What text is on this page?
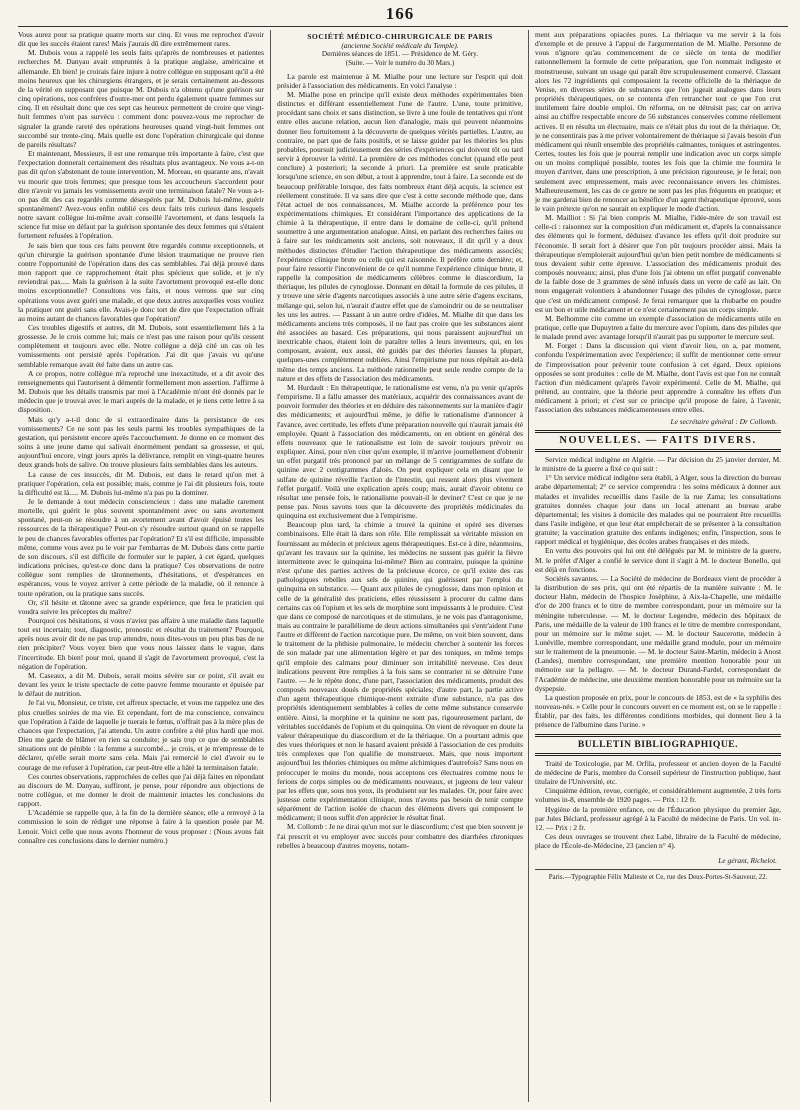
166

Vous aurez pour sa pratique quatre morts sur cinq. Et vous me reprochez d'avoir dit que les succès étaient rares! Mais j'aurais dû dire extrêmement rares.

M. Dubois vous a rappelé les seuls faits qu'après de nombreuses et patientes recherches M. Danyau avait empruntés à la pratique anglaise, américaine et allemande. Eh bien! je croirais faire injure à notre collègue en supposant qu'il a été moins heureux que les chirurgiens étrangers, et je serais certainement au-dessous de la vérité en supposant que puisque M. Dubois n'a obtenu qu'une guérison sur cinq opérations, nos confrères d'outre-mer ont perdu également quatre femmes sur cinq. Il en résultait donc que ces sept cas heureux permettent de croire que vingt-huit femmes n'ont pas survécu : comment donc pouvez-vous me reprocher de signaler la grande rareté des opérations heureuses quand vingt-huit femmes ont succombé sur trente-cinq. Mais quelle est donc l'opération chirurgicale qui donne de pareils résultats?

Et maintenant, Messieurs, il est une remarque très importante à faire, c'est que l'expectation donnerait certainement des résultats plus avantageux. Ne vous a-t-on pas dit qu'on s'abstenant de toute intervention, M. Moreau, en quarante ans, n'avait vu mourir que trois femmes; que presque tous les accoucheurs s'accordent pour dire n'avoir vu jamais les vomissements avoir une terminaison fatale? Ne vous a-t-on pas dit des cas regardés comme désespérés par M. Dubois lui-même, guérir spontanément? Avez-vous enfin oublié ces deux faits très curieux dans lesquels notre savant collègue lui-même avait conseillé l'avortement, et dans lesquels la science fut mise en défaut par la guérison spontanée des deux femmes qui s'étaient fortement refusées à l'opération.

Je sais bien que tous ces faits peuvent être regardés comme exceptionnels, et qu'un chirurgie la guérison spontanée d'une lésion traumatique ne prouve rien contre l'opportunité de l'opération dans des cas semblables. J'ai déjà prouvé dans mon rapport que ce rapprochement était plus spécieux que solide, et je n'y reviendrai pas..... Mais la guérison à la suite l'avortement provoqué est-elle donc moins exceptionnelle? Consultons vos faits, et nous verrons que sur cinq opérations vous avez guéri une malade, et que deux autres auxquelles vous vouliez la pratiquer ont guéri sans elle. Avais-je donc tort de dire que l'expectation offrait au moins autant de chances favorables que l'opération?

Ces troubles digestifs et autres, dit M. Dubois, sont essentiellement liés à la grossesse. Je le crois comme lui; mais ce n'est pas une raison pour qu'ils cessent complètement et toujours avec elle. Notre collègue a déjà cité un cas où les vomissements ont persisté après l'opération. J'ai dit que j'avais vu qu'une semblable remarque avait été faite dans un autre cas.

A ce propos, notre collègue m'a reproché une inexactitude, et a dit avoir des renseignements qui l'autorisent à démentir formellement mon assertion. J'affirme à M. Dubois que les détails transmis par moi à l'Académie m'ont été donnés par le médecin que je trouvai avec le mari auprès de la malade, et je tiens cette lettre à sa disposition.

Mais qu'y a-t-il donc de si extraordinaire dans la persistance de ces vomissements? Ce ne sont pas les seuls parmi les troubles sympathiques de la gestation, qui persistent encore après l'accouchement. Je donne en ce moment des soins à une jeune dame qui salivait énormément pendant sa grossesse, et qui, aujourd'hui encore, vingt jours après la délivrance, remplit en vingt-quatre heures deux grands bols de salive. On trouve plusieurs faits semblables dans les auteurs.

La cause de ces insuccès, dit M. Dubois, est dans le retard qu'on met à pratiquer l'opération, cela est possible; mais, comme je l'ai dit plusieurs fois, toute la difficulté est là..... M. Dubois lui-même n'a pas pu la dominer.

Je le demande à tout médecin consciencieux : dans une maladie rarement mortelle, qui guérit le plus souvent spontanément avec ou sans avortement spontané, peut-on se résoudre à un avortement avant d'avoir épuisé toutes les ressources de la thérapeutique? Peut-on s'y résoudre surtout quand on se rappelle le peu de chances favorables offertes par l'opération? Et s'il est difficile, impossible même, comme vous avez pu le voir par l'embarras de M. Dubois dans cette partie de son discours, s'il est difficile de formuler sur le papier, à cet égard, quelques indications précises, qu'est-ce donc dans la pratique? Ces observations de notre collègue sont remplies de tâtonnements, d'hésitations, et d'espérances en espérances, vous le voyez arriver à cette période de la maladie, où il renonce à toute opération, ou la pratique sans succès.

Or, s'il hésite et tâtonne avec sa grande expérience, que fera le praticien qui voudra suivre les préceptes du maître?

Pourquoi ces hésitations, si vous n'aviez pas affaire à une maladie dans laquelle tout est incertain; tout, diagnostic, pronostic et résultat du traitement? Pourquoi, après nous avoir dit de ne pas trop attendre, nous dites-vous un peu plus bas de ne rien précipiter? Vous voyez bien que vous nous laissez dans le vague, dans l'incertitude. Eh bien! pour moi, quand il s'agit de l'avortement provoqué, c'est la négation de l'opération.

M. Caseaux, a dit M. Dubois, serait moins sévère sur ce point, s'il avait eu devant les yeux le triste spectacle de cette pauvre femme mourante et épuisée par le défaut de nutrition.

Je l'ai vu, Monsieur, ce triste, cet affreux spectacle, et vous me rappelez une des plus cruelles soirées de ma vie. Et cependant, fort de ma conscience, convaincu que l'opération à l'aide de laquelle je tuerais le fœtus, n'offrait pas à la mère plus de chances que l'expectation, j'ai attendu. Un autre confrère a été plus hardi que moi. Dieu me garde de blâmer en rien sa conduite; je sais trop ce que de semblables situations ont de pénible : la femme a succombé... je crois, et je m'empresse de le déclarer, qu'elle serait morte sans cela. Mais j'ai remercié le ciel d'avoir eu le courage de me refuser à l'opération, car peut-être elle a hâté la terminaison fatale.

Ces courtes observations, rapprochées de celles que j'ai déjà faites en répondant au discours de M. Danyau, suffiront, je pense, pour répondre aux objections de notre collègue, et me donner le droit de maintenir intactes les conclusions du rapport.

L'Académie se rappelle que, à la fin de la dernière séance, elle a renvoyé à la commission le soin de rédiger une réponse à faire à la question posée par M. Lenoir. Voici celle que nous avons l'honneur de vous proposer : (Nous avons fait connaître ces conclusions dans le dernier numéro.)

SOCIÉTÉ MÉDICO-CHIRURGICALE DE PARIS
(ancienne Société médicale du Temple).
Dernières séances de 1851. — Présidence de M. Géry.
(Suite. — Voir le numéro du 30 Mars.)

La parole est maintenue à M. Mialhe pour une lecture sur l'esprit qui doit présider à l'association des médicaments. En voici l'analyse :

M. Mialhe pose en principe qu'il existe deux méthodes expérimentales bien distinctes et différant essentiellement l'une de l'autre. L'une, toute primitive, procédant sans choix et sans distinction, se livre à une foule de tentatives qui n'ont entre elles aucune relation, aucun lien d'analogie, mais qui peuvent néanmoins donner lieu fortuitement à la découverte de quelques vérités partielles. L'autre, au contraire, ne part que de faits positifs, et se laisse guider par les théories les plus probables, poursuit judicieusement des séries d'expériences qui doivent tôt ou tard servir à éprouver la vérité. La première de ces méthodes conclut (quand elle peut conclure) à posteriori; la seconde à priori. La première est seule praticable lorsqu'une science, en son début, a tout à apprendre, tout à faire. La seconde est de beaucoup préférable lorsque, des faits nombreux étant déjà acquis, la science est réellement constituée. Il va sans dire que c'est à cette seconde méthode que, dans l'état actuel de nos connaissances, M. Mialhe accorde la préférence pour les expérimentations chimiques. Et considérant l'importance des applications de la chimie à la thérapeutique, il entre dans le domaine de celle-ci, qu'il prétend soumettre à une argumentation analogue. Ainsi, en parlant des recherches faites ou à faire sur les médicaments soit anciens, soit nouveaux, il dit qu'il y a deux méthodes distinctes d'étudier l'action thérapeutique des médicaments associés; l'expérience clinique brute ou celle qui est raisonnée. Il préfère cette dernière; et, pour faire ressortir l'inconvénient de ce qu'il nomme l'expérience clinique brute, il rappelle la composition de médicaments célèbres comme le diascordium, la thériaque, les pilules de cynoglosse. Donnant en détail la formule de ces pilules, il y trouve une série d'agents narcotiques associés à une autre série d'agens excitans, mélange qui, selon lui, n'aurait d'autre effet que de s'amoindrir ou de se neutraliser les uns les autres. — Passant à un autre ordre d'idées, M. Mialhe dit que dans les médicaments anciens très composés, il ne faut pas croire que les substances aient été associées au hasard. Ces préparations, qui nous paraissent aujourd'hui un inextricable chaos, étaient loin de paraître telles à leurs inventeurs, qui, en les composant, avaient, eux aussi, été guidés par des théories fausses la plupart, quelques-unes complètement oubliées. Ainsi l'empirisme pur nous répétait au-delà même des temps anciens. La méthode rationnelle peut seule rendre compte de la nature et des effets de l'association des médicaments.

M. Hurdault : En thérapeutique, le rationalisme est venu, n'a pu venir qu'après l'empirisme. Il a fallu amasser des matériaux, acquérir des connaissances avant de pouvoir formuler des théories et en déduire des raisonnements sur la manière d'agir des médicaments; et aujourd'hui même, je défie le rationalisme d'annoncer à l'avance, avec certitude, les effets d'une préparation nouvelle qui n'aurait jamais été employée. Quant à l'association des médicaments, on en obtient en général des effets nouveaux que le rationalisme est loin de savoir toujours prévoir ou expliquer. Ainsi, pour n'en citer qu'un exemple, il m'arrive journellement d'obtenir un effet purgatif très prononcé par un mélange de 5 centigrammes de sulfate de quinine avec 2 centigrammes d'aloès. On peut expliquer cela en disant que le sulfate de quinine réveille l'action de l'intestin, qui ressent alors plus vivement l'effet purgatif. Voilà une explication après coup; mais, aurait d'avoir obtenu ce résultat une pensée fois, le rationalisme pouvait-il le deviner? C'est ce que je ne pense pas. Nous savons tous que la découverte des propriétés médicinales du quinquina est exclusivement due à l'empirisme.

Beaucoup plus tard, la chimie a trouvé la quinine et opéré ses diverses combinaisons. Elle était là dans son rôle. Elle remplissait sa véritable mission en fournissant au médecin et précieux agens thérapeutiques. Est-ce à dire, néanmoins, qu'avant les travaux sur la quinine, les médecins ne sussent pas guérir la fièvre intermittente avec le quinquina lui-même? Bien au contraire, puisque la quinine n'est qu'une des parties actives de la précieuse écorce, ce qu'il existe des cas pathologiques rebelles aux sels de quinine, qui guérissent par l'emploi du quinquina en substance. — Quant aux pilules de cynoglosse, dans mon opinion et celle de la généralité des praticiens, elles réussissent à procurer du calme dans certains cas où l'opium et les sels de morphine sont impuissants à le produire. C'est que dans ce composé de narcotiques et de stimulans, je ne vois pas d'antagonisme, mais au contraire le parallélisme de deux actions simultanées qui s'entr'aident l'une l'autre et diffèrent de l'action narcotique pure. De même, on voit bien souvent, dans le traitement de la phthisie pulmonaire, le médecin chercher à soutenir les forces de son malade par une alimentation légère et par des toniques, en même temps qu'il emploie des calmans pour diminuer son irritabilité nerveuse. Ces deux indications peuvent être remplies à la fois sans se contrarier ni se détruire l'une l'autre. — Je le répète donc, d'une part, l'association des médicaments, produit des composés nouveaux doués de propriétés spéciales; d'autre part, la partie active d'un agent thérapeutique chimique-ment extraite d'une substance, n'a pas des propriétés identiquement semblables à celles de cette même substance conservée entière. Ainsi, la morphine et la quinine ne sont pas, rigoureusement parlant, de véritables succédanés de l'opium et du quinquina. On vient de révoquer en doute la valeur thérapeutique du diascordium et de la thériaque. On a pourtant admis que des vues théoriques et non le hasard avaient présidé à l'association de ces produits très complexes que l'on qualifie de monstrueux. Mais, que nous importent aujourd'hui les théories chimiques ou même alchimiques d'autrefois? Sans nous en préoccuper le moins du monde, nous acceptons ces électuaires comme nous le ferions de corps simples ou de médicaments nouveaux, et jugeons de leur valeur par les effets que, sous nos yeux, ils produisent sur les malades. Or, pour faire avec justesse cette expérimentation clinique, nous n'avons pas besoin de tenir compte séparément de l'action isolée de chacun des éléments divers qui composent le médicament; il nous suffit d'en apprécier le résultat final.

M. Collomb : Je ne dirai qu'un mot sur le diascordium; c'est que bien souvent je l'ai prescrit et vu employer avec succès pour combattre des diarrhées chroniques rebelles à beaucoup d'autres moyens, notam-

ment aux préparations opiacées pures. La thériaque va me servir à la fois d'exemple et de preuve à l'appui de l'argumentation de M. Mialhe. Personne de vous n'ignore qu'au commencement de ce siècle on tenta de modifier rationnellement la formule de cette préparation, que l'on nommait indigeste et monstrueuse, suivant un usage qui paraît être scrupuleusement conservé. Classant alors les 72 ingrédients qui composaient la recette officielle de la thériaque de Venise, en diverses séries de substances que l'on jugeait analogues dans leurs propriétés thérapeutiques, on se contenta d'en retrancher tout ce que l'on crut inutilement faire double emploi. On réforma, on ne détruisit pas; car on arriva ainsi au chiffre respectable encore de 56 substances conservées comme réellement actives. Il en résulta un électuaire, mais ce n'était plus du tout de la thériaque. Or, je ne consentirais pas à me priver volontairement de thériaque si j'avais besoin d'un médicament qui réunît ensemble des propriétés calmantes, toniques et astringentes. Certes, toutes les fois que je pourrai remplir une indication avec un corps simple ou un moins compliqué possible, toutes les fois que la chimie me fournira le moyen d'arriver, dans une prescription, à une précision rigoureuse, je le ferai; non seulement avec empressement, mais avec reconnaissance envers les chimistes. Malheureusement, les cas de ce genre ne sont pas les plus fréquents en pratique; et je me garderai bien de renoncer au bénéfice d'un agent thérapeutique éprouvé, sous le vain prétexte qu'on ne saurait en expliquer le mode d'action.

M. Mailliot : Si j'ai bien compris M. Mialhe, l'idée-mère de son travail est celle-ci : raisonnez sur la composition d'un médicament et, d'après la connaissance des éléments qui le forment, déduisez d'avance les effets qu'il doit produire sur l'économie. Il serait fort à désirer que l'on pût toujours procéder ainsi. Mais la thérapeutique n'emploierait aujourd'hui qu'un bien petit nombre de médicaments si tous devaient subir cette épreuve. L'association des médicaments produit des composés nouveaux; ainsi, plus d'une fois j'ai obtenu un effet purgatif convenable de la faible dose de 3 grammes de séné infusés dans un verre de café au lait. On nous engagerait volontiers à abandonner l'usage des pilules de cynoglosse, parce que c'est un médicament composé. Je ferai remarquer que la rhubarbe en poudre est un bon et utile médicament et ce n'est certainement pas un corps simple.

M. Belhomme cite comme un exemple d'association de médicaments utile en pratique, celle que Dupuytren a faite du mercure avec l'opium, dans des pilules que le malade prend avec avantage lorsqu'il n'aurait pas pu supporter le mercure seul.

M. Forget : Dans la discussion qui vient d'avoir lieu, on a, par moment, confondu l'expérimentation avec l'expérience; il suffit de mentionner cette erreur de l'improvisation pour prévenir toute confusion à cet égard. Deux opinions opposées se sont produites : celle de M. Mialhe, dont l'avis est que l'on ne connaît l'action d'un médicament qu'après l'avoir expérimenté. Celle de M. Mialhe, qui prétend, au contraire, que la théorie peut apprendre à connaître les effets d'un médicament à priori; et c'est sur ce principe qu'il propose de faire, à l'avenir, l'association des substances médicamenteuses entre elles.

Le secrétaire général : Dr Collomb.
NOUVELLES. — FAITS DIVERS.

Service médical indigène en Algérie. — Par décision du 25 janvier dernier, M. le ministre de la guerre a fixé ce qui suit :

1° Un service médical indigène sera établi, à Alger, sous la direction du bureau arabe départemental; 2° ce service comprendra : les soins médicaux à donner aux malades et invalides recueillis dans l'asile de la rue Zama; les consultations gratuites données chaque jour dans un local attenant au bureau arabe départemental; les visites à domicile des malades qui ne pourraient être recueillis dans l'asile indigène, et que leur état empêcherait de se présenter à la consultation gratuite; la vaccination gratuite des enfants indigènes; enfin, l'inspection, sous le rapport médical et hygiénique, des écoles arabes françaises et des mieds.

En vertu des pouvoirs qui lui ont été délégués par M. le ministre de la guerre, M. le préfet d'Alger a confié le service dont il s'agit à M. le docteur Bonello, qui est déjà en fonctions.

Sociétés savantes. — La Société de médecine de Bordeaux vient de procéder à la distribution de ses prix, qui ont été répartis de la manière suivante : M. le docteur Hahn, médecin de l'hospice Joséphine, à Aix-la-Chapelle, une médaille d'or de 200 francs et le titre de membre correspondant, pour un mémoire sur la méningite tuberculeuse. — M. le docteur Legendre, médecin des hôpitaux de Paris, une médaille de la valeur de 100 francs et le titre de membre correspondant, pour un mémoire sur le même sujet. — M. le docteur Saucerotte, médecin à Lunéville, membre correspondant, une médaille grand module, pour un mémoire sur le traitement de la pneumonie. — M. le docteur Saint-Martin, médecin à Anost (Landes), membre correspondant, une première mention honorable pour un mémoire sur la pellagre. — M. le docteur Durand-Fardel, correspondant de l'Académie de médecine, une deuxième mention honorable pour un mémoire sur la dyspepsie.

La question proposée en prix, pour le concours de 1853, est de « la syphilis des nouveau-nés. » Celle pour le concours ouvert en ce moment est, on se le rappelle : Établir, par des faits, les différentes conditions morbides, qui donnent lieu à la présence de l'albumine dans l'urine. »

BULLETIN BIBLIOGRAPHIQUE.

Traité de Toxicologie, par M. Orfila, professeur et ancien doyen de la Faculté de médecine de Paris, membre du Conseil supérieur de l'instruction publique, haut titulaire de l'Université, etc.

Cinquième édition, revue, corrigée, et considérablement augmentée, 2 très forts volumes in-8, ensemble de 1920 pages. — Prix : 12 fr.

Hygiène de la première enfance, ou de l'Éducation physique du premier âge, par Jules Béclard, professeur agrégé à la Faculté de médecine de Paris. Un vol. in-12. — Prix : 2 fr.

Ces deux ouvrages se trouvent chez Labé, libraire de la Faculté de médecine, place de l'École-de-Médecine, 23 (ancien n° 4).

Le gérant, Richelot.

Paris.—Typographie Félix Malteste et Ce, rue des Deux-Portes-St-Sauveur, 22.
